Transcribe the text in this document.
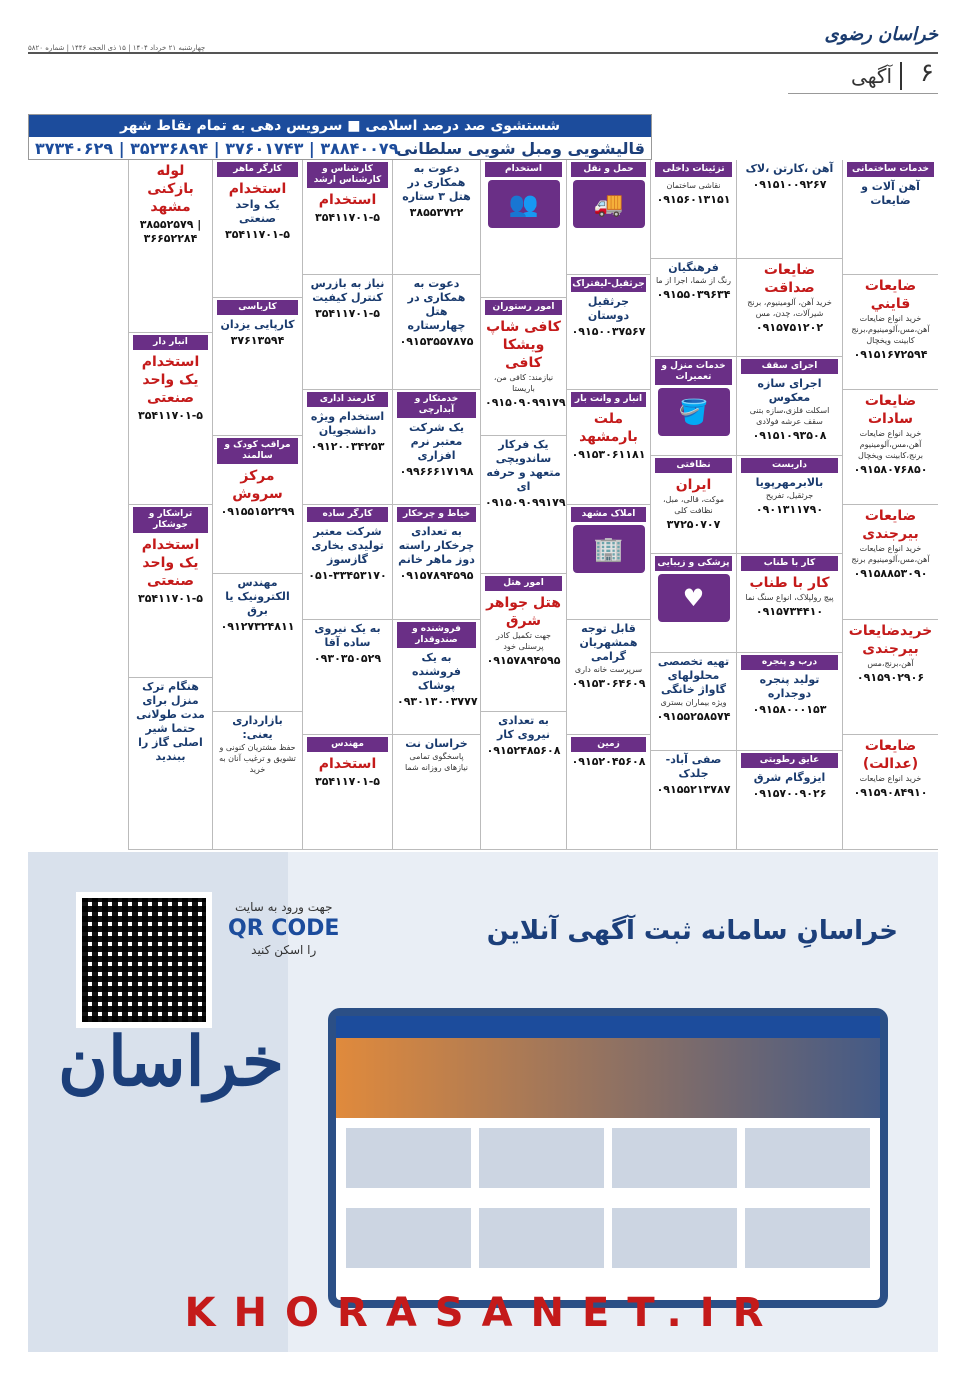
خراسان رضوی
چهارشنبه ۲۱ خرداد ۱۴۰۴ | ۱۵ ذی الحجه ۱۴۴۶ | شماره ۵۸۲۰
۶
آگهی
شستشوی صد درصد اسلامی ■ سرویس دهی به تمام نقاط شهر
قالیشویی ومبل شویی سلطانی
۳۷۳۴۰۶۲۹ | ۳۵۲۳۶۸۹۴ | ۳۷۶۰۱۷۴۳ | ۳۸۸۴۰۰۷۹
خدمات ساختمانی
آهن آلات و ضایعات
ضایعات قایني
خرید انواع ضایعات آهن،مس،آلومینیوم،برنج کابینت ویخچال
۰۹۱۵۱۶۷۲۵۹۴
ضایعات سادات
خرید انواع ضایعات آهن،مس،آلومینیوم برنج،کابینت ویخچال
۰۹۱۵۸۰۷۶۸۵۰
ضایعات بیرجندی
خرید انواع ضایعات آهن،مس،آلومینیوم برنج
۰۹۱۵۸۸۵۳۰۹۰
خریدضایعات بیرجندی
آهن،برنج،مس
۰۹۱۵۹۰۲۹۰۶
ضایعات (عدالت)
خرید انواع ضایعات
۰۹۱۵۹۰۸۴۹۱۰
آهن ،کارتن ،لاک
۰۹۱۵۱۰۰۹۲۶۷
ضایعات صداقت
خرید آهن، آلومینیوم، برنج شیرآلات، چدن، مس
۰۹۱۵۷۵۱۲۰۲
اجرای سقف
اجرای سازه معکوس
اسکلت فلزی،سازه بتنی سقف عرشه فولادی
۰۹۱۵۱۰۹۳۵۰۸
داربست
بالابرمهرپویا
جرثقیل، تفریح
۰۹۰۱۳۱۱۷۹۰
کار با طناب
کار با طناب
پیچ رولپلاک، انواع سنگ نما
۰۹۱۵۷۳۴۴۱۰
درب و پنجره
تولید پنجره دوجداره
۰۹۱۵۸۰۰۰۱۵۳
عایق رطوبتی
ایزوگام شرق
۰۹۱۵۷۰۰۹۰۲۶
تزئینات داخلی
نقاشی ساختمان
۰۹۱۵۶۰۱۳۱۵۱
فرهنگیان
رنگ از شما، اجرا از ما
۰۹۱۵۵۰۳۹۶۳۴
خدمات منزل و تعمیرات
🪣
نظافتی
ایران
موکت، قالی، مبل، نظافت کلی
۳۷۲۵۰۷۰۷
پزشکی و زیبایی
♥
تهیه تخصصی محلولهای گاواژ خانگی
ویژه بیماران بستری
۰۹۱۵۵۲۵۸۵۷۴
صفی آباد- جلدک
۰۹۱۵۵۲۱۳۷۸۷
حمل و نقل
🚚
جرثقیل-لیفتراک
جرثقیل دوستان
۰۹۱۵۰۰۳۷۵۶۷
انبار و وانت بار
ملت بارمشهد
۰۹۱۵۳۰۶۱۱۸۱
املاک مشهد
🏢
قابل توجه همشهریان گرامی
سرپرست خانه داری
۰۹۱۵۳۰۶۴۶۰۹
زمین
۰۹۱۵۲۰۴۵۶۰۸
استخدام
👥
امور رستوران
کافی شاپ ویشکا کافی
نیازمند: کافی من، باریستا
۰۹۱۵۰۹۰۹۹۱۷۹
یک فرکار ساندویچی متعهد و حرفه ای
۰۹۱۵۰۹۰۹۹۱۷۹
امور هتل
هتل جواهر شرق
جهت تکمیل کادر پرسنلی خود
۰۹۱۵۷۸۹۴۵۹۵
به تعدادی نیروی کار
۰۹۱۵۲۴۸۵۶۰۸
دعوت به همکاری در هتل ۳ ستاره
۳۸۵۵۳۷۲۲
دعوت به همکاری در هتل چهارستاره
۰۹۱۵۳۵۵۷۸۷۵
خدمتکار و آبدارچی
یک شرکت معتبر نرم افزاری
۰۹۹۶۶۶۱۷۱۹۸
خیاط و چرخکار
به تعدادی چرخکار راسته دوز ماهر خانم
۰۹۱۵۷۸۹۴۵۹۵
فروشنده و صندوقدار
به یک فروشنده پوشاک
۰۹۳۰۱۳۰۰۳۷۷۷
خراسان نت
پاسخگوی تمامی نیازهای روزانه شما
کارشناس و کارشناس ارشد
استخدام
۳۵۴۱۱۷۰۱-۵
نیاز به بازرس کنترل کیفیت
۳۵۴۱۱۷۰۱-۵
کارمند اداری
استخدام ویژه دانشجویان
۰۹۱۲۰۰۳۴۲۵۳
کارگر ساده
شرکت معتبر تولیدی بخاری گازسوز
۰۵۱-۳۳۴۵۳۱۷۰
به یک نیروی ساده آقا
۰۹۳۰۳۵۰۵۲۹
مهندس
استخدام
۳۵۴۱۱۷۰۱-۵
کارگر ماهر
استخدام
یک واحد صنعتی
۳۵۴۱۱۷۰۱-۵
کارباسی
کارپایی یزدان
۳۷۶۱۳۵۹۴
مراقب کودک و سالمند
مرکز سروش
۰۹۱۵۵۱۵۲۲۹۹
مهندس الکترونیک یا برق
۰۹۱۲۷۳۲۴۸۱۱
بازارداری یعنی:
حفظ مشتریان کنونی و تشویق و ترغیب آنان به خرید
لوله بازکنی مشهد
۳۸۵۵۲۵۷۹ | ۳۶۶۵۲۲۸۴
انبار دار
استخدام یک واحد صنعتی
۳۵۴۱۱۷۰۱-۵
تراشکار و جوشکار
استخدام یک واحد صنعتی
۳۵۴۱۱۷۰۱-۵
هنگام ترک منزل برای مدت طولانی حتما شیر اصلی گاز را ببندید
خراسانِ سامانه ثبت آگهی آنلاین
جهت ورود به سایت
QR CODE
را اسکن کنید
خراسان
KHORASANET.IR
